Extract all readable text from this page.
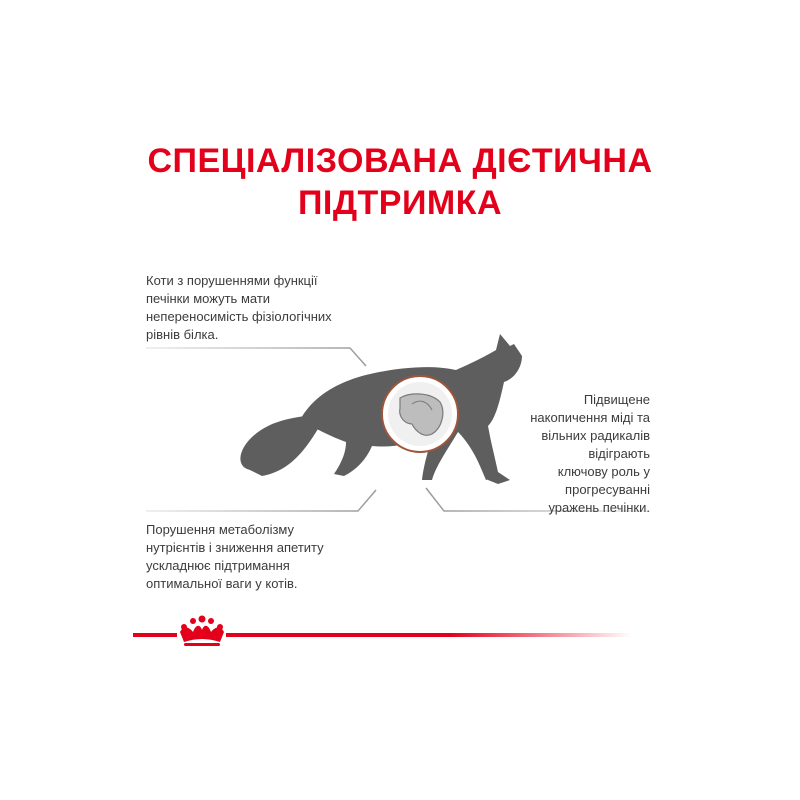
СПЕЦІАЛІЗОВАНА ДІЄТИЧНА
ПІДТРИМКА
Коти з порушеннями функції
печінки можуть мати
непереносимість фізіологічних
рівнів білка.
Підвищене
накопичення міді та
вільних радикалів
відіграють
ключову роль у
прогресуванні
уражень печінки.
Порушення метаболізму
нутрієнтів і зниження апетиту
ускладнює підтримання
оптимальної ваги у котів.
